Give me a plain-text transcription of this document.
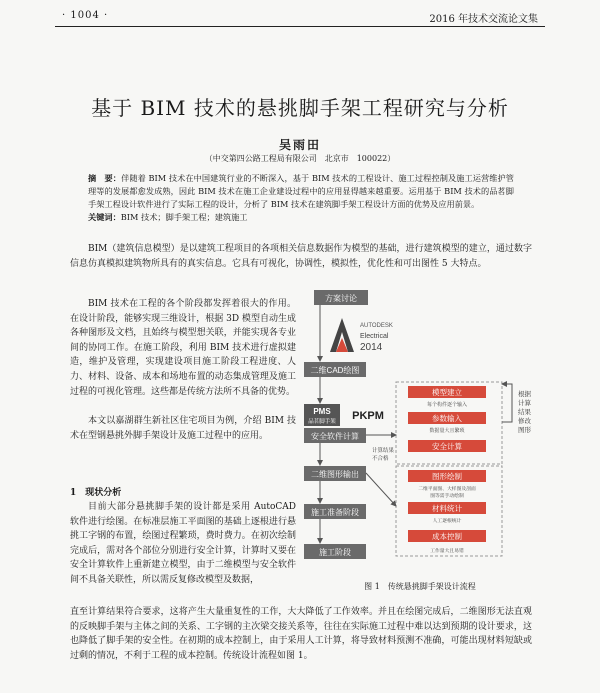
· 1004 ·	2016 年技术交流论文集
基于 BIM 技术的悬挑脚手架工程研究与分析
吴雨田
（中交第四公路工程局有限公司　北京市　100022）
摘　要：伴随着 BIM 技术在中国建筑行业的不断深入，基于 BIM 技术的工程设计、施工过程控制及施工运营维护管理等的发展都愈发成熟，因此 BIM 技术在施工企业建设过程中的应用显得越来越重要。运用基于 BIM 技术的品茗脚手架工程设计软件进行了实际工程的设计，分析了 BIM 技术在建筑脚手架工程设计方面的优势及应用前景。
关键词：BIM 技术；脚手架工程；建筑施工
BIM（建筑信息模型）是以建筑工程项目的各项相关信息数据作为模型的基础，进行建筑模型的建立，通过数字信息仿真模拟建筑物所具有的真实信息。它具有可视化，协调性，模拟性，优化性和可出图性 5 大特点。
BIM 技术在工程的各个阶段都发挥着很大的作用。在设计阶段，能够实现三维设计，根据 3D 模型自动生成各种图形及文档，且始终与模型想关联，并能实现各专业间的协同工作。在施工阶段，利用 BIM 技术进行虚拟建造，维护及管理，实现建设项目施工阶段工程进度、人力、材料、设备、成本和场地布置的动态集成管理及施工过程的可视化管理。这些都是传统方法所不具备的优势。
本文以嘉湖群生新社区住宅项目为例，介绍 BIM 技术在型钢悬挑外脚手架设计及施工过程中的应用。
1　现状分析
目前大部分悬挑脚手架的设计都是采用 AutoCAD 软件进行绘图。在标准层施工平面图的基础上逐根进行悬挑工字钢的布置，绘图过程繁琐，费时费力。在初次绘制完成后，需对各个部位分别进行安全计算，计算时又要在安全计算软件上重新建立模型，由于二维模型与安全软件间不具备关联性，所以需反复修改模型及数据，
直至计算结果符合要求，这将产生大量重复性的工作，大大降低了工作效率。并且在绘图完成后，二维图形无法直观的反映脚手架与主体之间的关系、工字钢的主次梁交接关系等，往往在实际施工过程中难以达到预期的设计要求，这也降低了脚手架的安全性。在初期的成本控制上，由于采用人工计算，将导致材料预测不准确，可能出现材料短缺或过剩的情况，不利于工程的成本控制。传统设计流程如图 1。
方案讨论
AUTODESK
Electrical
2014
二维CAD绘图
PMS
品茗脚手架 PKPM
安全软件计算
计算结果
不合格
二维图形输出
施工准备阶段
施工阶段
模型建立
每个构件逐个输入
参数输入
数据量大且繁琐
安全计算
图形绘制
二维平面图、大样图及剖面
图等需手动绘制
材料统计
人工逐根统计
成本控制
工作量大且易错
根据
计算
结果
修改
图形
图 1 传统悬挑脚手架设计流程
